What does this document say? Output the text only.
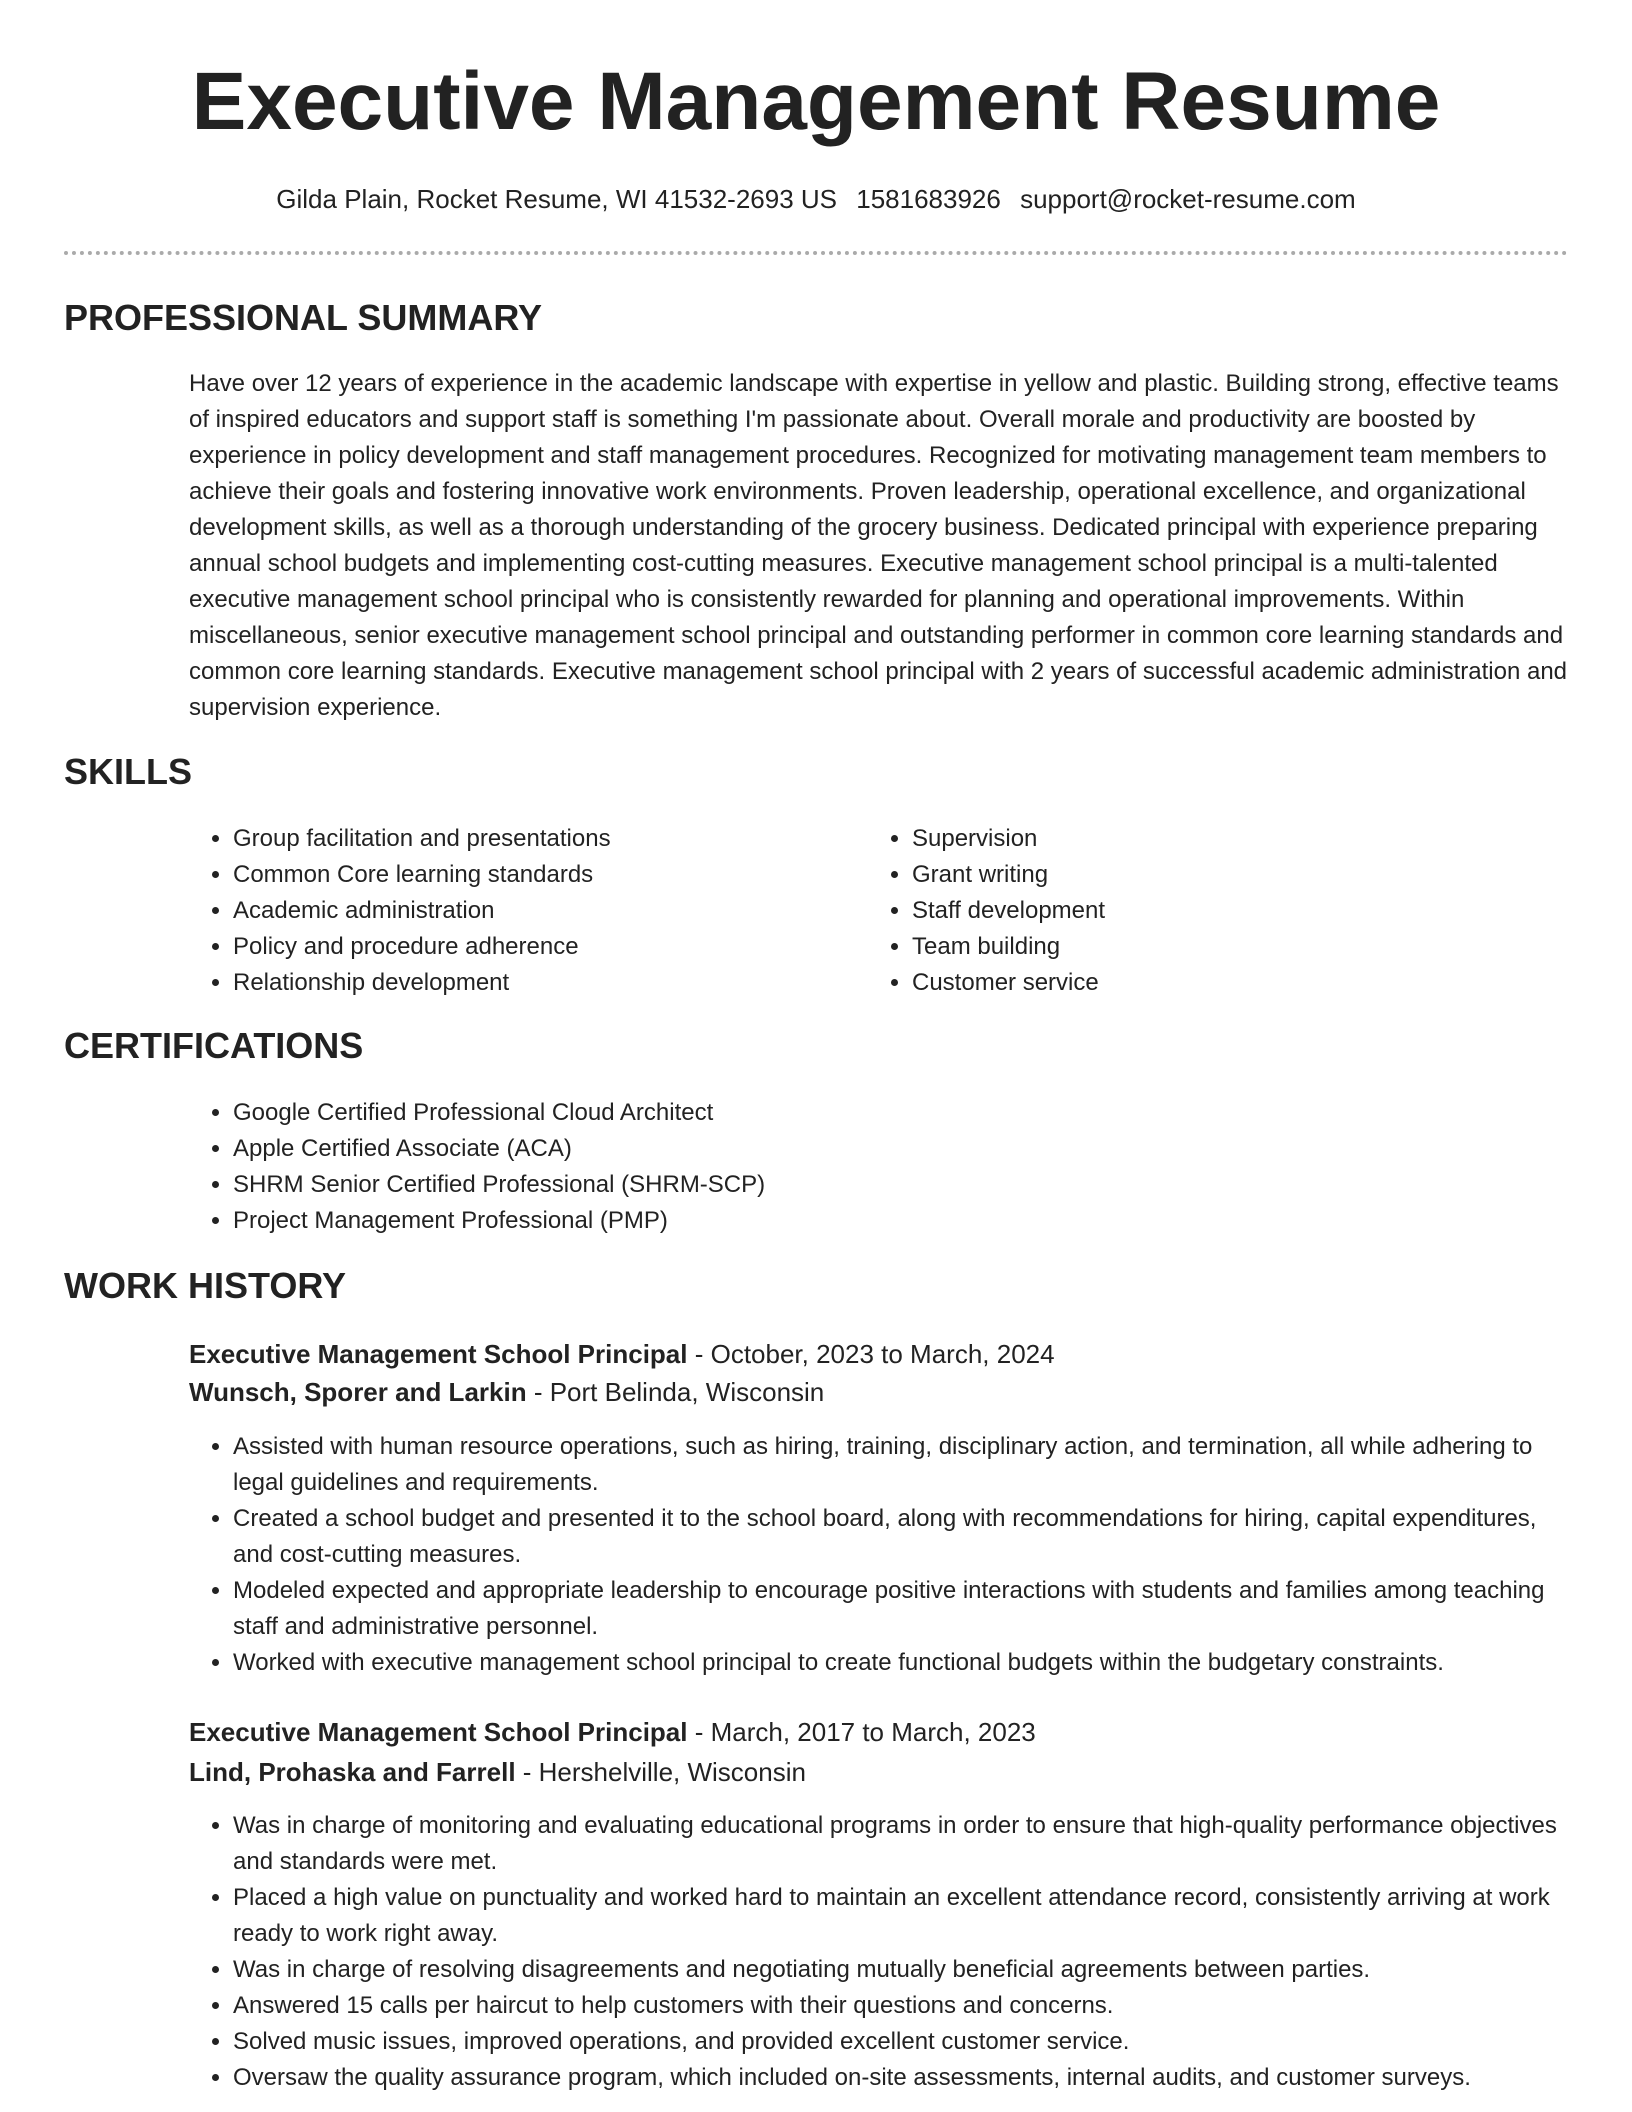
Executive Management Resume
Gilda Plain, Rocket Resume, WI 41532-2693 US 1581683926 support@rocket-resume.com
PROFESSIONAL SUMMARY

Have over 12 years of experience in the academic landscape with expertise in yellow and plastic. Building strong, effective teams of inspired educators and support staff is something I'm passionate about. Overall morale and productivity are boosted by experience in policy development and staff management procedures. Recognized for motivating management team members to achieve their goals and fostering innovative work environments. Proven leadership, operational excellence, and organizational development skills, as well as a thorough understanding of the grocery business. Dedicated principal with experience preparing annual school budgets and implementing cost-cutting measures. Executive management school principal is a multi-talented executive management school principal who is consistently rewarded for planning and operational improvements. Within miscellaneous, senior executive management school principal and outstanding performer in common core learning standards and common core learning standards. Executive management school principal with 2 years of successful academic administration and supervision experience.

SKILLS
• Group facilitation and presentations
• Common Core learning standards
• Academic administration
• Policy and procedure adherence
• Relationship development
• Supervision
• Grant writing
• Staff development
• Team building
• Customer service
CERTIFICATIONS
• Google Certified Professional Cloud Architect
• Apple Certified Associate (ACA)
• SHRM Senior Certified Professional (SHRM-SCP)
• Project Management Professional (PMP)
WORK HISTORY
Executive Management School Principal - October, 2023 to March, 2024
Wunsch, Sporer and Larkin - Port Belinda, Wisconsin
• Assisted with human resource operations, such as hiring, training, disciplinary action, and termination, all while adhering to legal guidelines and requirements.
• Created a school budget and presented it to the school board, along with recommendations for hiring, capital expenditures, and cost-cutting measures.
• Modeled expected and appropriate leadership to encourage positive interactions with students and families among teaching staff and administrative personnel.
• Worked with executive management school principal to create functional budgets within the budgetary constraints.
Executive Management School Principal - March, 2017 to March, 2023
Lind, Prohaska and Farrell - Hershelville, Wisconsin
• Was in charge of monitoring and evaluating educational programs in order to ensure that high-quality performance objectives and standards were met.
• Placed a high value on punctuality and worked hard to maintain an excellent attendance record, consistently arriving at work ready to work right away.
• Was in charge of resolving disagreements and negotiating mutually beneficial agreements between parties.
• Answered 15 calls per haircut to help customers with their questions and concerns.
• Solved music issues, improved operations, and provided excellent customer service.
• Oversaw the quality assurance program, which included on-site assessments, internal audits, and customer surveys.
